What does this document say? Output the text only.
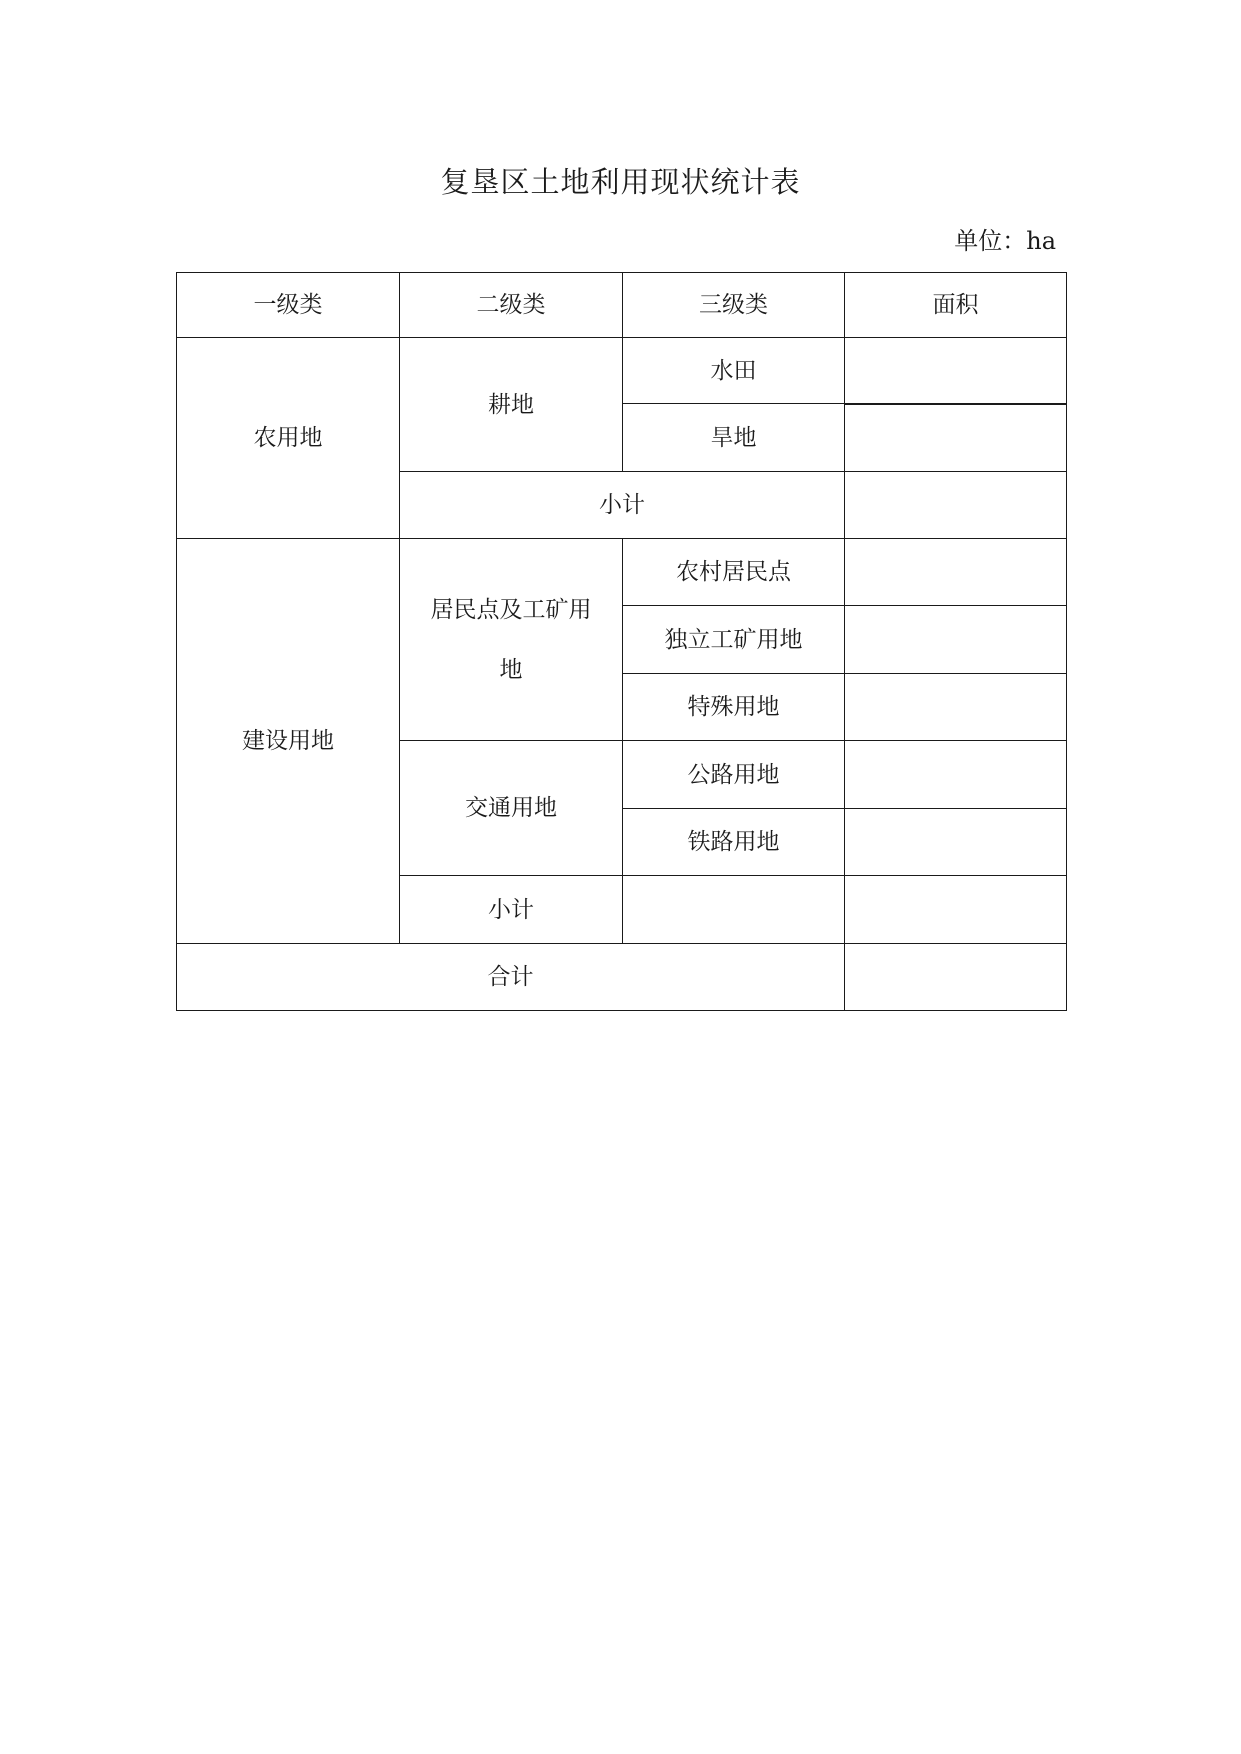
复垦区土地利用现状统计表
单位：ha
一级类	二级类	三级类	面积
农用地	耕地	水田	
		旱地	
	小计		
建设用地	居民点及工矿用地	农村居民点	
		独立工矿用地	
		特殊用地	
	交通用地	公路用地	
		铁路用地	
	小计		
合计			
